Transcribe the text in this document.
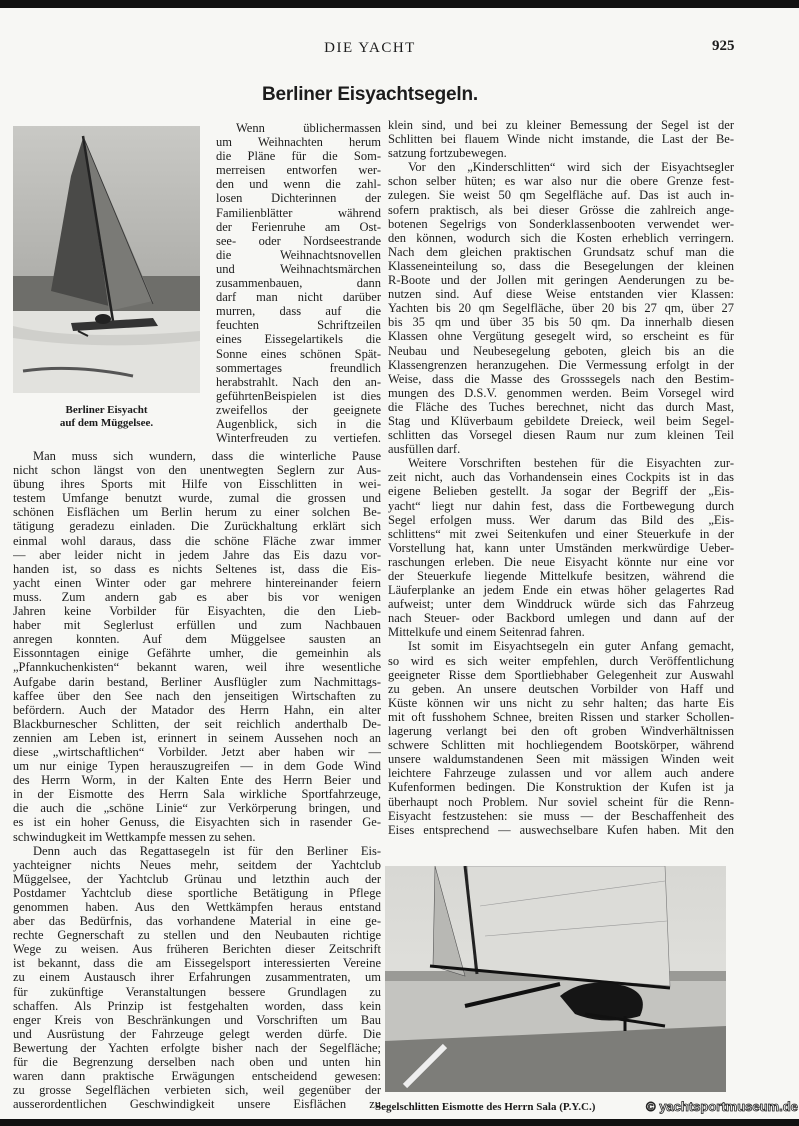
DIE YACHT	925
Berliner Eisyachtsegeln.
Berliner Eisyacht
auf dem Müggelsee.
Wenn üblichermassen
um Weihnachten herum
die Pläne für die Som-
merreisen entworfen wer-
den und wenn die zahl-
losen Dichterinnen der
Familienblätter während
der Ferienruhe am Ost-
see- oder Nordseestrande
die Weihnachtsnovellen
und Weihnachtsmärchen
zusammenbauen, dann
darf man nicht darüber
murren, dass auf die
feuchten Schriftzeilen
eines Eissegelartikels die
Sonne eines schönen Spät-
sommertages freundlich
herabstrahlt. Nach den an-
geführtenBeispielen ist dies
zweifellos der geeignete
Augenblick, sich in die
Winterfreuden zu vertiefen.
Man muss sich wundern, dass die winterliche Pause
nicht schon längst von den unentwegten Seglern zur Aus-
übung ihres Sports mit Hilfe von Eisschlitten in wei-
testem Umfange benutzt wurde, zumal die grossen und
schönen Eisflächen um Berlin herum zu einer solchen Be-
tätigung geradezu einladen. Die Zurückhaltung erklärt sich
einmal wohl daraus, dass die schöne Fläche zwar immer
— aber leider nicht in jedem Jahre das Eis dazu vor-
handen ist, so dass es nichts Seltenes ist, dass die Eis-
yacht einen Winter oder gar mehrere hintereinander feiern
muss. Zum andern gab es aber bis vor wenigen
Jahren keine Vorbilder für Eisyachten, die den Lieb-
haber mit Seglerlust erfüllen und zum Nachbauen
anregen konnten. Auf dem Müggelsee sausten an
Eissonntagen einige Gefährte umher, die gemeinhin als
„Pfannkuchenkisten“ bekannt waren, weil ihre wesentliche
Aufgabe darin bestand, Berliner Ausflügler zum Nachmittags-
kaffee über den See nach den jenseitigen Wirtschaften zu
befördern. Auch der Matador des Herrn Hahn, ein alter
Blackburnescher Schlitten, der seit reichlich anderthalb De-
zennien am Leben ist, erinnert in seinem Aussehen noch an
diese „wirtschaftlichen“ Vorbilder. Jetzt aber haben wir —
um nur einige Typen herauszugreifen — in dem Gode Wind
des Herrn Worm, in der Kalten Ente des Herrn Beier und
in der Eismotte des Herrn Sala wirkliche Sportfahrzeuge,
die auch die „schöne Linie“ zur Verkörperung bringen, und
es ist ein hoher Genuss, die Eisyachten sich in rasender Ge-
schwindugkeit im Wettkampfe messen zu sehen.
Denn auch das Regattasegeln ist für den Berliner Eis-
yachteigner nichts Neues mehr, seitdem der Yachtclub
Müggelsee, der Yachtclub Grünau und letzthin auch der
Postdamer Yachtclub diese sportliche Betätigung in Pflege
genommen haben. Aus den Wettkämpfen heraus entstand
aber das Bedürfnis, das vorhandene Material in eine ge-
rechte Gegnerschaft zu stellen und den Neubauten richtige
Wege zu weisen. Aus früheren Berichten dieser Zeitschrift
ist bekannt, dass die am Eissegelsport interessierten Vereine
zu einem Austausch ihrer Erfahrungen zusammentraten, um
für zukünftige Veranstaltungen bessere Grundlagen zu
schaffen. Als Prinzip ist festgehalten worden, dass kein
enger Kreis von Beschränkungen und Vorschriften um Bau
und Ausrüstung der Fahrzeuge gelegt werden dürfe. Die
Bewertung der Yachten erfolgte bisher nach der Segelfläche;
für die Begrenzung derselben nach oben und unten hin
waren dann praktische Erwägungen entscheidend gewesen:
zu grosse Segelflächen verbieten sich, weil gegenüber der
ausserordentlichen Geschwindigkeit unsere Eisflächen zu
klein sind, und bei zu kleiner Bemessung der Segel ist der
Schlitten bei flauem Winde nicht imstande, die Last der Be-
satzung fortzubewegen.
Vor den „Kinderschlitten“ wird sich der Eisyachtsegler
schon selber hüten; es war also nur die obere Grenze fest-
zulegen. Sie weist 50 qm Segelfläche auf. Das ist auch in-
sofern praktisch, als bei dieser Grösse die zahlreich ange-
botenen Segelrigs von Sonderklassenbooten verwendet wer-
den können, wodurch sich die Kosten erheblich verringern.
Nach dem gleichen praktischen Grundsatz schuf man die
Klasseneinteilung so, dass die Besegelungen der kleinen
R-Boote und der Jollen mit geringen Aenderungen zu be-
nutzen sind. Auf diese Weise entstanden vier Klassen:
Yachten bis 20 qm Segelfläche, über 20 bis 27 qm, über 27
bis 35 qm und über 35 bis 50 qm. Da innerhalb diesen
Klassen ohne Vergütung gesegelt wird, so erscheint es für
Neubau und Neubesegelung geboten, gleich bis an die
Klassengrenzen heranzugehen. Die Vermessung erfolgt in der
Weise, dass die Masse des Grosssegels nach den Bestim-
mungen des D.S.V. genommen werden. Beim Vorsegel wird
die Fläche des Tuches berechnet, nicht das durch Mast,
Stag und Klüverbaum gebildete Dreieck, weil beim Segel-
schlitten das Vorsegel diesen Raum nur zum kleinen Teil
ausfüllen darf.
Weitere Vorschriften bestehen für die Eisyachten zur-
zeit nicht, auch das Vorhandensein eines Cockpits ist in das
eigene Belieben gestellt. Ja sogar der Begriff der „Eis-
yacht“ liegt nur dahin fest, dass die Fortbewegung durch
Segel erfolgen muss. Wer darum das Bild des „Eis-
schlittens“ mit zwei Seitenkufen und einer Steuerkufe in der
Vorstellung hat, kann unter Umständen merkwürdige Ueber-
raschungen erleben. Die neue Eisyacht könnte nur eine vor
der Steuerkufe liegende Mittelkufe besitzen, während die
Läuferplanke an jedem Ende ein etwas höher gelagertes Rad
aufweist; unter dem Winddruck würde sich das Fahrzeug
nach Steuer- oder Backbord umlegen und dann auf der
Mittelkufe und einem Seitenrad fahren.
Ist somit im Eisyachtsegeln ein guter Anfang gemacht,
so wird es sich weiter empfehlen, durch Veröffentlichung
geeigneter Risse dem Sportliebhaber Gelegenheit zur Auswahl
zu geben. An unsere deutschen Vorbilder von Haff und
Küste können wir uns nicht zu sehr halten; das harte Eis
mit oft fusshohem Schnee, breiten Rissen und starker Schollen-
lagerung verlangt bei den oft groben Windverhältnissen
schwere Schlitten mit hochliegendem Bootskörper, während
unsere waldumstandenen Seen mit mässigen Winden weit
leichtere Fahrzeuge zulassen und vor allem auch andere
Kufenformen bedingen. Die Konstruktion der Kufen ist ja
überhaupt noch Problem. Nur soviel scheint für die Renn-
Eisyacht festzustehen: sie muss — der Beschaffenheit des
Eises entsprechend — auswechselbare Kufen haben. Mit den
Segelschlitten Eismotte des Herrn Sala (P.Y.C.)	© yachtsportmuseum.de
